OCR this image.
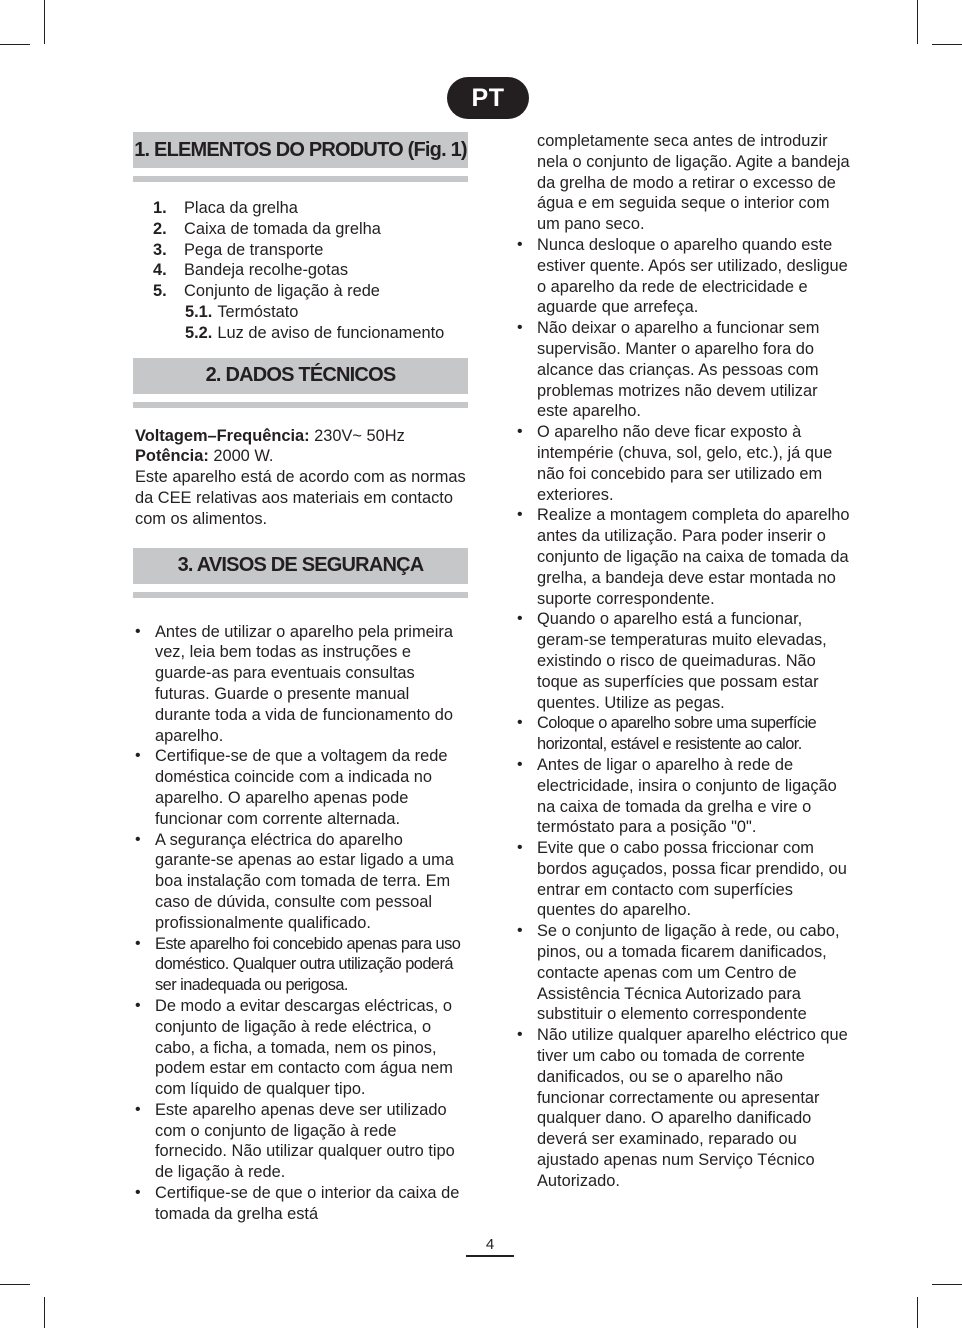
PT
1. ELEMENTOS DO PRODUTO (Fig. 1)
1.	Placa da grelha
2.	Caixa de tomada da grelha
3.	Pega de transporte
4.	Bandeja recolhe-gotas
5.	Conjunto de ligação à rede
5.1. Termóstato
5.2. Luz de aviso de funcionamento
2. DADOS TÉCNICOS
Voltagem–Frequência: 230V~ 50Hz
Potência: 2000 W.
Este aparelho está de acordo com as normas da CEE relativas aos materiais em contacto com os alimentos.
3. AVISOS DE SEGURANÇA
• Antes de utilizar o aparelho pela primeira vez, leia bem todas as instruções e guarde-as para eventuais consultas futuras. Guarde o presente manual durante toda a vida de funcionamento do aparelho.
• Certifique-se de que a voltagem da rede doméstica coincide com a indicada no aparelho. O aparelho apenas pode funcionar com corrente alternada.
• A segurança eléctrica do aparelho garante-se apenas ao estar ligado a uma boa instalação com tomada de terra. Em caso de dúvida, consulte com pessoal profissionalmente qualificado.
• Este aparelho foi concebido apenas para uso doméstico. Qualquer outra utilização poderá ser inadequada ou perigosa.
• De modo a evitar descargas eléctricas, o conjunto de ligação à rede eléctrica, o cabo, a ficha, a tomada, nem os pinos, podem estar em contacto com água nem com líquido de qualquer tipo.
• Este aparelho apenas deve ser utilizado com o conjunto de ligação à rede fornecido. Não utilizar qualquer outro tipo de ligação à rede.
• Certifique-se de que o interior da caixa de tomada da grelha está
completamente seca antes de introduzir nela o conjunto de ligação. Agite a bandeja da grelha de modo a retirar o excesso de água e em seguida seque o interior com um pano seco.
• Nunca desloque o aparelho quando este estiver quente. Após ser utilizado, desligue o aparelho da rede de electricidade e aguarde que arrefeça.
• Não deixar o aparelho a funcionar sem supervisão. Manter o aparelho fora do alcance das crianças. As pessoas com problemas motrizes não devem utilizar este aparelho.
• O aparelho não deve ficar exposto à intempérie (chuva, sol, gelo, etc.), já que não foi concebido para ser utilizado em exteriores.
• Realize a montagem completa do aparelho antes da utilização. Para poder inserir o conjunto de ligação na caixa de tomada da grelha, a bandeja deve estar montada no suporte correspondente.
• Quando o aparelho está a funcionar, geram-se temperaturas muito elevadas, existindo o risco de queimaduras. Não toque as superfícies que possam estar quentes. Utilize as pegas.
• Coloque o aparelho sobre uma superfície horizontal, estável e resistente ao calor.
• Antes de ligar o aparelho à rede de electricidade, insira o conjunto de ligação na caixa de tomada da grelha e vire o termóstato para a posição "0".
• Evite que o cabo possa friccionar com bordos aguçados, possa ficar prendido, ou entrar em contacto com superfícies quentes do aparelho.
• Se o conjunto de ligação à rede, ou cabo, pinos, ou a tomada ficarem danificados, contacte apenas com um Centro de Assistência Técnica Autorizado para substituir o elemento correspondente
• Não utilize qualquer aparelho eléctrico que tiver um cabo ou tomada de corrente danificados, ou se o aparelho não funcionar correctamente ou apresentar qualquer dano. O aparelho danificado deverá ser examinado, reparado ou ajustado apenas num Serviço Técnico Autorizado.
4
